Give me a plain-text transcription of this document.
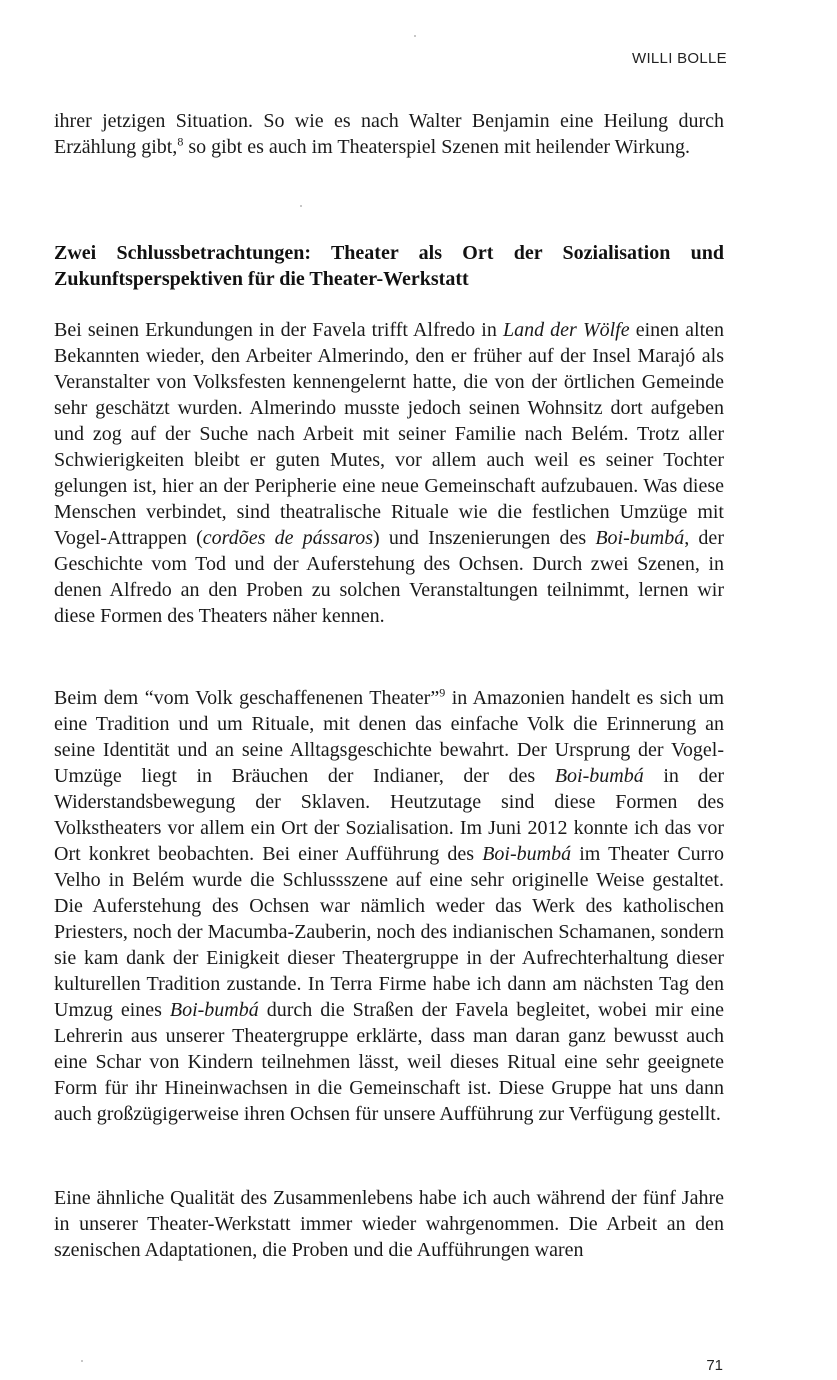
WILLI BOLLE

ihrer jetzigen Situation. So wie es nach Walter Benjamin eine Heilung durch Erzählung gibt,$^8$ so gibt es auch im Theaterspiel Szenen mit heilender Wirkung.

Zwei Schlussbetrachtungen: Theater als Ort der Sozialisation und Zukunftsperspektiven für die Theater-Werkstatt

Bei seinen Erkundungen in der Favela trifft Alfredo in Land der Wölfe einen alten Bekannten wieder, den Arbeiter Almerindo, den er früher auf der Insel Marajó als Veranstalter von Volksfesten kennengelernt hatte, die von der örtlichen Gemeinde sehr geschätzt wurden. Almerindo musste jedoch seinen Wohnsitz dort aufgeben und zog auf der Suche nach Arbeit mit seiner Familie nach Belém. Trotz aller Schwierigkeiten bleibt er guten Mutes, vor allem auch weil es seiner Tochter gelungen ist, hier an der Peripherie eine neue Gemeinschaft aufzubauen. Was diese Menschen verbindet, sind theatralische Rituale wie die festlichen Umzüge mit Vogel-Attrappen (cordões de pássaros) und Inszenierungen des Boi-bumbá, der Geschichte vom Tod und der Auferstehung des Ochsen. Durch zwei Szenen, in denen Alfredo an den Proben zu solchen Veranstaltungen teilnimmt, lernen wir diese Formen des Theaters näher kennen.

Beim dem “vom Volk geschaffenenen Theater”$^9$ in Amazonien handelt es sich um eine Tradition und um Rituale, mit denen das einfache Volk die Erinnerung an seine Identität und an seine Alltagsgeschichte bewahrt. Der Ursprung der Vogel-Umzüge liegt in Bräuchen der Indianer, der des Boi-bumbá in der Widerstandsbewegung der Sklaven. Heutzutage sind diese Formen des Volkstheaters vor allem ein Ort der Sozialisation. Im Juni 2012 konnte ich das vor Ort konkret beobachten. Bei einer Aufführung des Boi-bumbá im Theater Curro Velho in Belém wurde die Schlussszene auf eine sehr originelle Weise gestaltet. Die Auferstehung des Ochsen war nämlich weder das Werk des katholischen Priesters, noch der Macumba-Zauberin, noch des indianischen Schamanen, sondern sie kam dank der Einigkeit dieser Theatergruppe in der Aufrechterhaltung dieser kulturellen Tradition zustande. In Terra Firme habe ich dann am nächsten Tag den Umzug eines Boi-bumbá durch die Straßen der Favela begleitet, wobei mir eine Lehrerin aus unserer Theatergruppe erklärte, dass man daran ganz bewusst auch eine Schar von Kindern teilnehmen lässt, weil dieses Ritual eine sehr geeignete Form für ihr Hineinwachsen in die Gemeinschaft ist. Diese Gruppe hat uns dann auch großzügigerweise ihren Ochsen für unsere Aufführung zur Verfügung gestellt.

Eine ähnliche Qualität des Zusammenlebens habe ich auch während der fünf Jahre in unserer Theater-Werkstatt immer wieder wahrgenommen. Die Arbeit an den szenischen Adaptationen, die Proben und die Aufführungen waren

71
